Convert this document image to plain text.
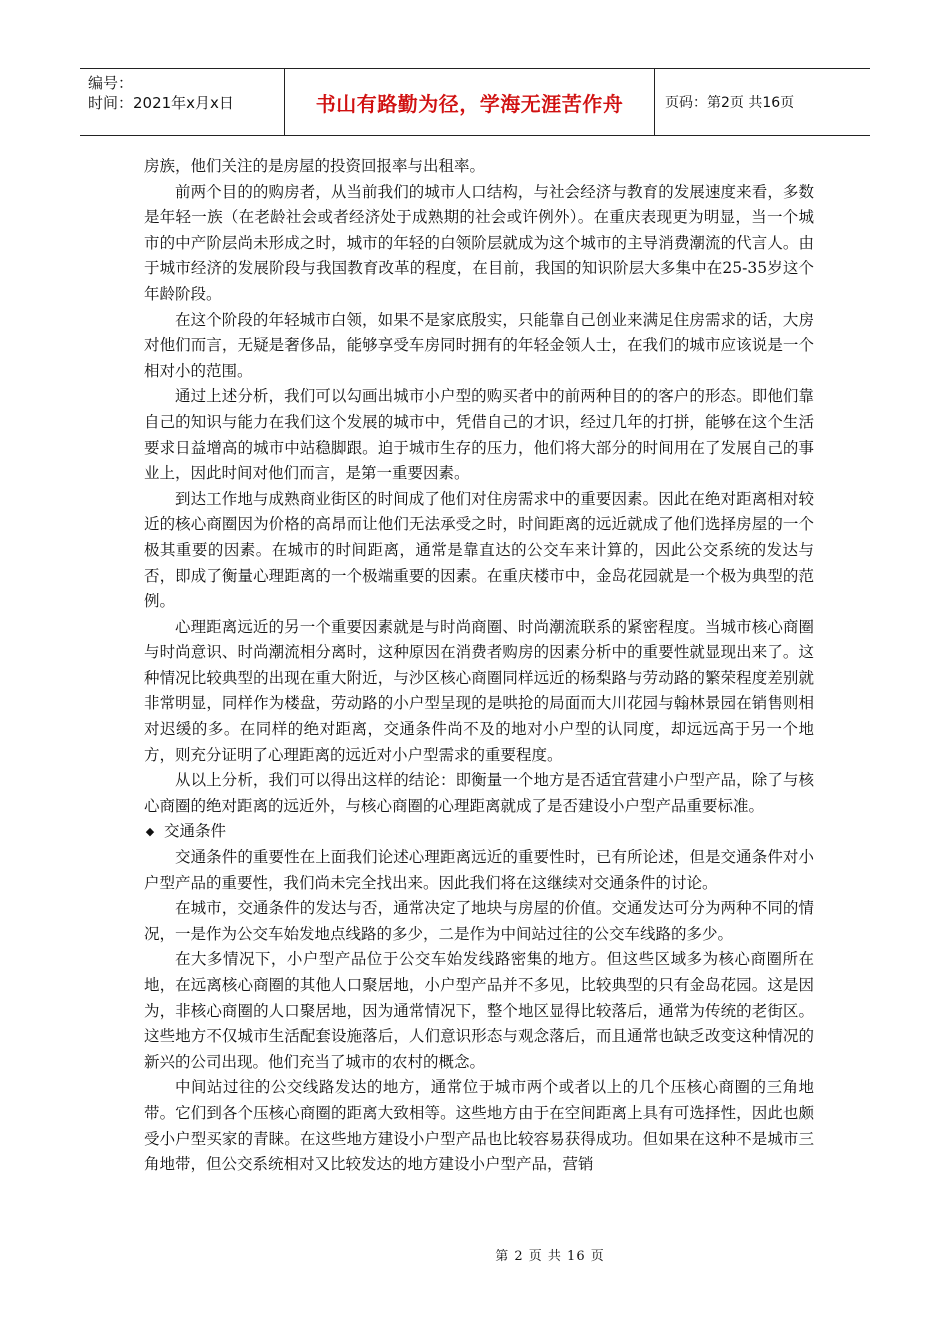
编号：
时间：2021年x月x日	书山有路勤为径，学海无涯苦作舟	页码：第2页 共16页

房族，他们关注的是房屋的投资回报率与出租率。

前两个目的的购房者，从当前我们的城市人口结构，与社会经济与教育的发展速度来看，多数是年轻一族（在老龄社会或者经济处于成熟期的社会或许例外）。在重庆表现更为明显，当一个城市的中产阶层尚未形成之时，城市的年轻的白领阶层就成为这个城市的主导消费潮流的代言人。由于城市经济的发展阶段与我国教育改革的程度，在目前，我国的知识阶层大多集中在25-35岁这个年龄阶段。

在这个阶段的年轻城市白领，如果不是家底殷实，只能靠自己创业来满足住房需求的话，大房对他们而言，无疑是奢侈品，能够享受车房同时拥有的年轻金领人士，在我们的城市应该说是一个相对小的范围。

通过上述分析，我们可以勾画出城市小户型的购买者中的前两种目的的客户的形态。即他们靠自己的知识与能力在我们这个发展的城市中，凭借自己的才识，经过几年的打拼，能够在这个生活要求日益增高的城市中站稳脚跟。迫于城市生存的压力，他们将大部分的时间用在了发展自己的事业上，因此时间对他们而言，是第一重要因素。

到达工作地与成熟商业街区的时间成了他们对住房需求中的重要因素。因此在绝对距离相对较近的核心商圈因为价格的高昂而让他们无法承受之时，时间距离的远近就成了他们选择房屋的一个极其重要的因素。在城市的时间距离，通常是靠直达的公交车来计算的，因此公交系统的发达与否，即成了衡量心理距离的一个极端重要的因素。在重庆楼市中，金岛花园就是一个极为典型的范例。

心理距离远近的另一个重要因素就是与时尚商圈、时尚潮流联系的紧密程度。当城市核心商圈与时尚意识、时尚潮流相分离时，这种原因在消费者购房的因素分析中的重要性就显现出来了。这种情况比较典型的出现在重大附近，与沙区核心商圈同样远近的杨梨路与劳动路的繁荣程度差别就非常明显，同样作为楼盘，劳动路的小户型呈现的是哄抢的局面而大川花园与翰林景园在销售则相对迟缓的多。在同样的绝对距离，交通条件尚不及的地对小户型的认同度，却远远高于另一个地方，则充分证明了心理距离的远近对小户型需求的重要程度。

从以上分析，我们可以得出这样的结论：即衡量一个地方是否适宜营建小户型产品，除了与核心商圈的绝对距离的远近外，与核心商圈的心理距离就成了是否建设小户型产品重要标准。

◆ 交通条件

交通条件的重要性在上面我们论述心理距离远近的重要性时，已有所论述，但是交通条件对小户型产品的重要性，我们尚未完全找出来。因此我们将在这继续对交通条件的讨论。

在城市，交通条件的发达与否，通常决定了地块与房屋的价值。交通发达可分为两种不同的情况，一是作为公交车始发地点线路的多少，二是作为中间站过往的公交车线路的多少。

在大多情况下，小户型产品位于公交车始发线路密集的地方。但这些区域多为核心商圈所在地，在远离核心商圈的其他人口聚居地，小户型产品并不多见，比较典型的只有金岛花园。这是因为，非核心商圈的人口聚居地，因为通常情况下，整个地区显得比较落后，通常为传统的老街区。这些地方不仅城市生活配套设施落后，人们意识形态与观念落后，而且通常也缺乏改变这种情况的新兴的公司出现。他们充当了城市的农村的概念。

中间站过往的公交线路发达的地方，通常位于城市两个或者以上的几个压核心商圈的三角地带。它们到各个压核心商圈的距离大致相等。这些地方由于在空间距离上具有可选择性，因此也颇受小户型买家的青睐。在这些地方建设小户型产品也比较容易获得成功。但如果在这种不是城市三角地带，但公交系统相对又比较发达的地方建设小户型产品，营销

第 2 页 共 16 页
